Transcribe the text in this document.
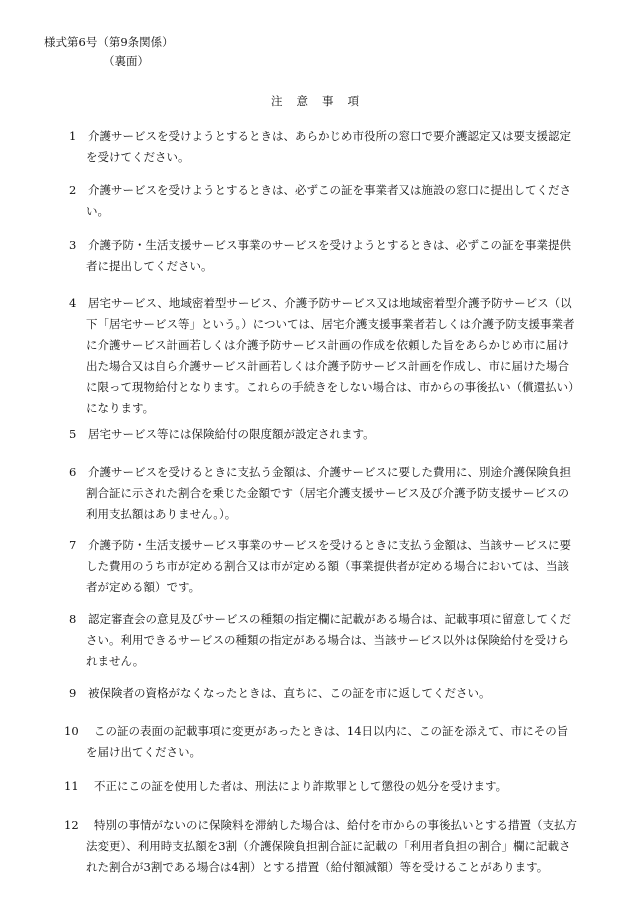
様式第6号（第9条関係）
（裏面）
注意事項
1 介護サービスを受けようとするときは、あらかじめ市役所の窓口で要介護認定又は要支援認定
を受けてください。
2 介護サービスを受けようとするときは、必ずこの証を事業者又は施設の窓口に提出してくださ
い。
3 介護予防・生活支援サービス事業のサービスを受けようとするときは、必ずこの証を事業提供
者に提出してください。
4 居宅サービス、地域密着型サービス、介護予防サービス又は地域密着型介護予防サービス（以
下「居宅サービス等」という。）については、居宅介護支援事業者若しくは介護予防支援事業者
に介護サービス計画若しくは介護予防サービス計画の作成を依頼した旨をあらかじめ市に届け
出た場合又は自ら介護サービス計画若しくは介護予防サービス計画を作成し、市に届けた場合
に限って現物給付となります。これらの手続きをしない場合は、市からの事後払い（償還払い）
になります。
5 居宅サービス等には保険給付の限度額が設定されます。
6 介護サービスを受けるときに支払う金額は、介護サービスに要した費用に、別途介護保険負担
割合証に示された割合を乗じた金額です（居宅介護支援サービス及び介護予防支援サービスの
利用支払額はありません。）。
7 介護予防・生活支援サービス事業のサービスを受けるときに支払う金額は、当該サービスに要
した費用のうち市が定める割合又は市が定める額（事業提供者が定める場合においては、当該
者が定める額）です。
8 認定審査会の意見及びサービスの種類の指定欄に記載がある場合は、記載事項に留意してくだ
さい。利用できるサービスの種類の指定がある場合は、当該サービス以外は保険給付を受けら
れません。
9 被保険者の資格がなくなったときは、直ちに、この証を市に返してください。
10 この証の表面の記載事項に変更があったときは、14日以内に、この証を添えて、市にその旨
を届け出てください。
11 不正にこの証を使用した者は、刑法により詐欺罪として懲役の処分を受けます。
12 特別の事情がないのに保険料を滞納した場合は、給付を市からの事後払いとする措置（支払方
法変更）、利用時支払額を3割（介護保険負担割合証に記載の「利用者負担の割合」欄に記載さ
れた割合が3割である場合は4割）とする措置（給付額減額）等を受けることがあります。
